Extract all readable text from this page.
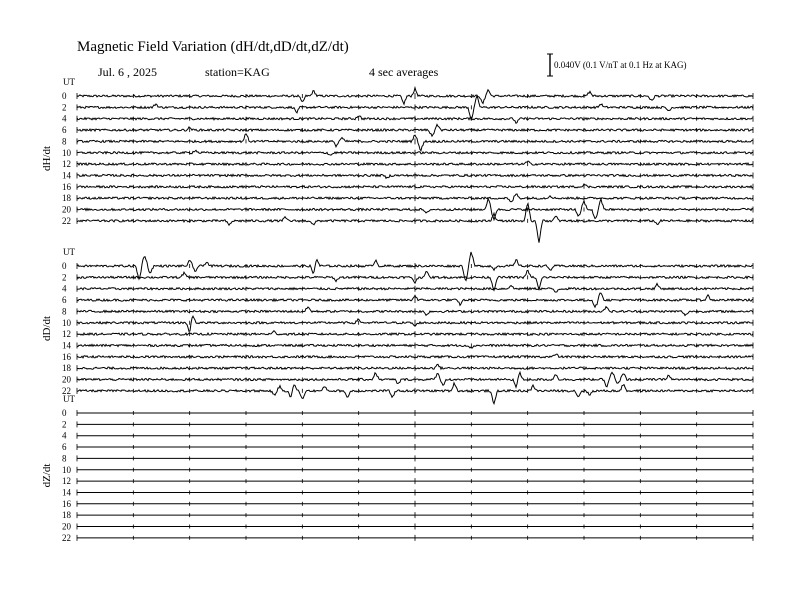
Magnetic Field Variation (dH/dt,dD/dt,dZ/dt)
Jul. 6 , 2025	station=KAG	4 sec averages	0.040V (0.1 V/nT at 0.1 Hz at KAG)
UT
dH/dt
0
2
4
6
8
10
12
14
16
18
20
22
UT
dD/dt
0
2
4
6
8
10
12
14
16
18
20
22
UT
dZ/dt
0
2
4
6
8
10
12
14
16
18
20
22
